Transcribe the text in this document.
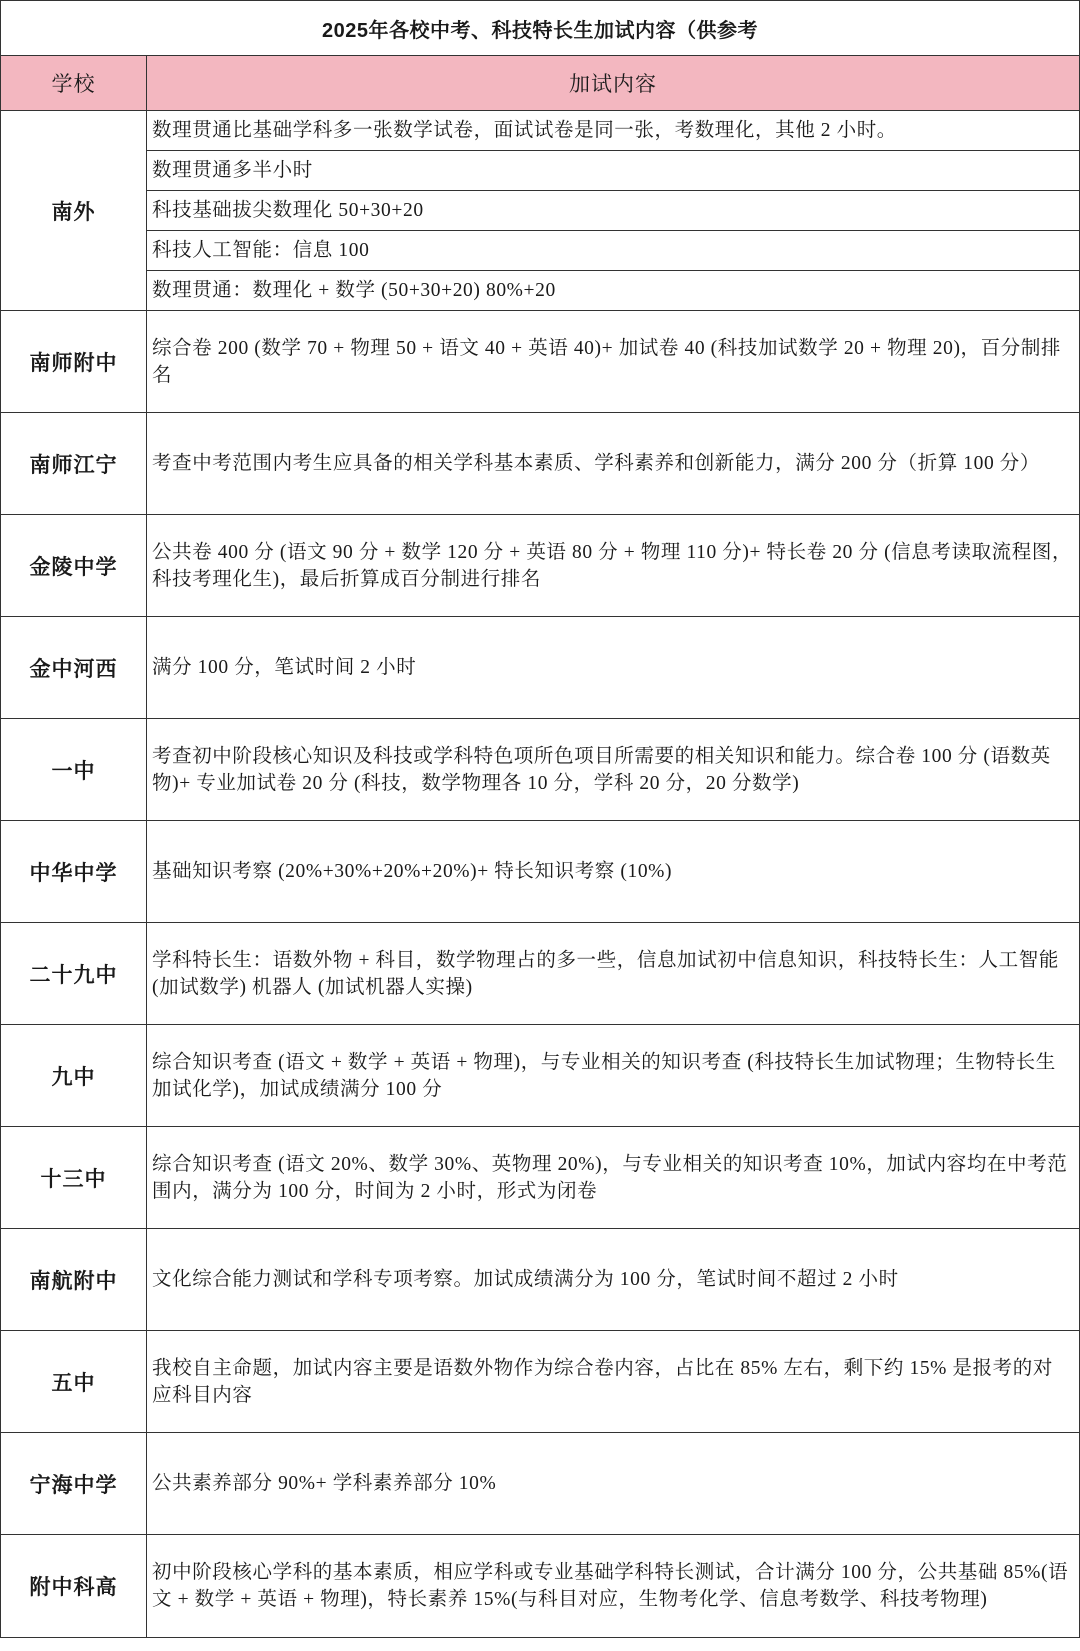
2025年各校中考、科技特长生加试内容（供参考	
学校	加试内容
南外	数理贯通比基础学科多一张数学试卷，面试试卷是同一张，考数理化，其他 2 小时。
	数理贯通多半小时
	科技基础拔尖数理化 50+30+20
	科技人工智能：信息 100
	数理贯通：数理化 + 数学 (50+30+20) 80%+20
南师附中	综合卷 200 (数学 70 + 物理 50 + 语文 40 + 英语 40)+ 加试卷 40 (科技加试数学 20 + 物理 20)，百分制排名
南师江宁	考查中考范围内考生应具备的相关学科基本素质、学科素养和创新能力，满分 200 分（折算 100 分）
金陵中学	公共卷 400 分 (语文 90 分 + 数学 120 分 + 英语 80 分 + 物理 110 分)+ 特长卷 20 分 (信息考读取流程图，科技考理化生)，最后折算成百分制进行排名
金中河西	满分 100 分，笔试时间 2 小时
一中	考查初中阶段核心知识及科技或学科特色项所色项目所需要的相关知识和能力。综合卷 100 分 (语数英物)+ 专业加试卷 20 分 (科技，数学物理各 10 分，学科 20 分，20 分数学)
中华中学	基础知识考察 (20%+30%+20%+20%)+ 特长知识考察 (10%)
二十九中	学科特长生：语数外物 + 科目，数学物理占的多一些，信息加试初中信息知识，科技特长生：人工智能 (加试数学) 机器人 (加试机器人实操)
九中	综合知识考查 (语文 + 数学 + 英语 + 物理)，与专业相关的知识考查 (科技特长生加试物理；生物特长生加试化学)，加试成绩满分 100 分
十三中	综合知识考查 (语文 20%、数学 30%、英物理 20%)，与专业相关的知识考查 10%，加试内容均在中考范围内，满分为 100 分，时间为 2 小时，形式为闭卷
南航附中	文化综合能力测试和学科专项考察。加试成绩满分为 100 分，笔试时间不超过 2 小时
五中	我校自主命题，加试内容主要是语数外物作为综合卷内容，占比在 85% 左右，剩下约 15% 是报考的对应科目内容
宁海中学	公共素养部分 90%+ 学科素养部分 10%
附中科高	初中阶段核心学科的基本素质，相应学科或专业基础学科特长测试，合计满分 100 分，公共基础 85%(语文 + 数学 + 英语 + 物理)，特长素养 15%(与科目对应，生物考化学、信息考数学、科技考物理)
